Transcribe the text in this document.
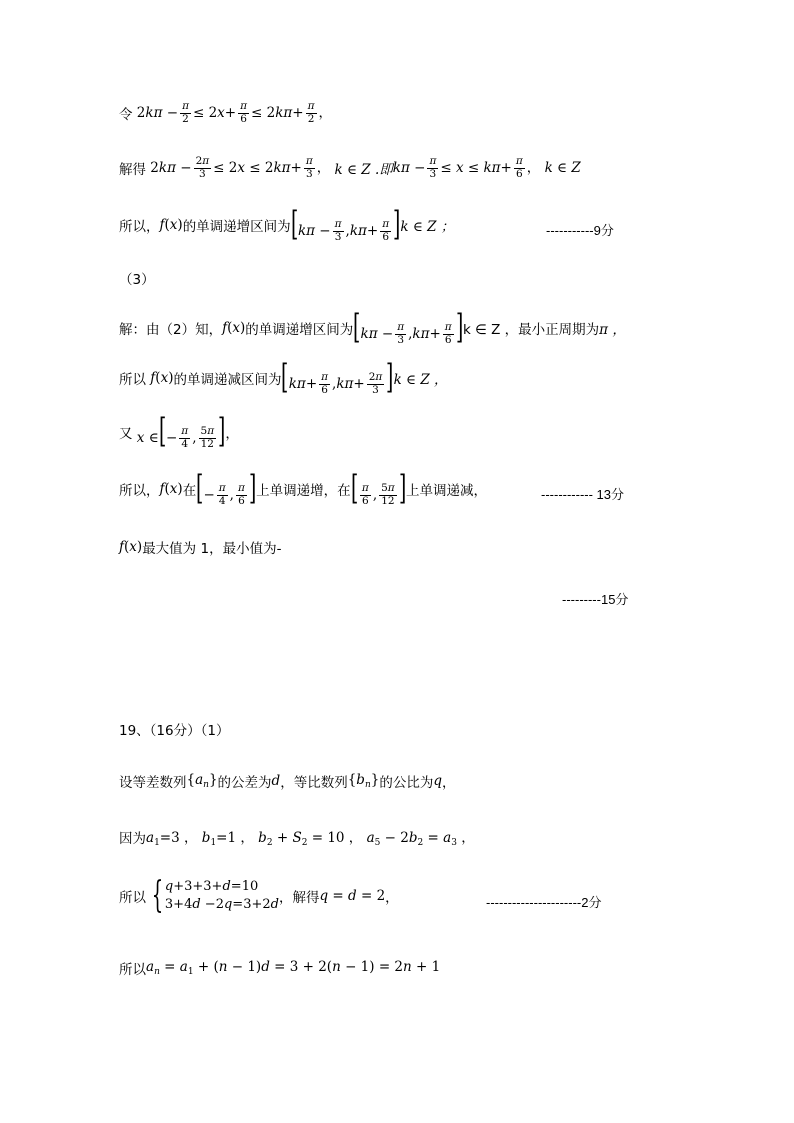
令 $2k\pi - \frac{\pi}{2} \le 2x+ \frac{\pi}{6} \le 2k\pi+ \frac{\pi}{2}$ ，
解得 $2k\pi - \frac{2\pi}{3} \le 2x \le 2k\pi+ \frac{\pi}{3}$ ， k ∈ Z .即 $k\pi - \frac{\pi}{3} \le x \le k\pi+ \frac{\pi}{6}$ ， k ∈ Z
所以， f (x) 的单调递增区间为 [$k\pi - \frac{\pi}{3} ,k\pi+ \frac{\pi}{6}$ ] k ∈ Z ；	-----------9分
（3）
解：由（2）知， f (x) 的单调递增区间为 [$k\pi - \frac{\pi}{3} ,k\pi+ \frac{\pi}{6}$ ] k ∈ Z ，最小正周期为 π ，
所以 f(x) 的单调递减区间为 [$k\pi+ \frac{\pi}{6} ,k\pi+ \frac{2\pi}{3}$ ] k ∈ Z ，
又 x ∈[− $\frac{\pi}{4}$ , $\frac{5\pi}{12}$ ] ，
所以， f (x) 在 [− $\frac{\pi}{4}$ , $\frac{\pi}{6}$ ] 上单调递增，在 [ $\frac{\pi}{6}$ , $\frac{5\pi}{12}$ ] 上单调递减，	------------ 13分
f (x) 最大值为 1，最小值为-
---------15分
19、（16分）（1）
设等差数列 $\{a_n\}$ 的公差为 d ，等比数列 $\{b_n\}$ 的公比为 q ，
因为 $a_1=3$ ， $b_1=1$ ， $b_2 + S_2 = 10$ ， $a_5 - 2b_2 = a_3$ ，
所以 { q+3+3+d=10
3+4d −2q=3+2d ，解得 q = d = 2 ，	----------------------2分
所以 $a_n = a_1 + (n - 1)d = 3 + 2(n - 1) = 2n + 1$
